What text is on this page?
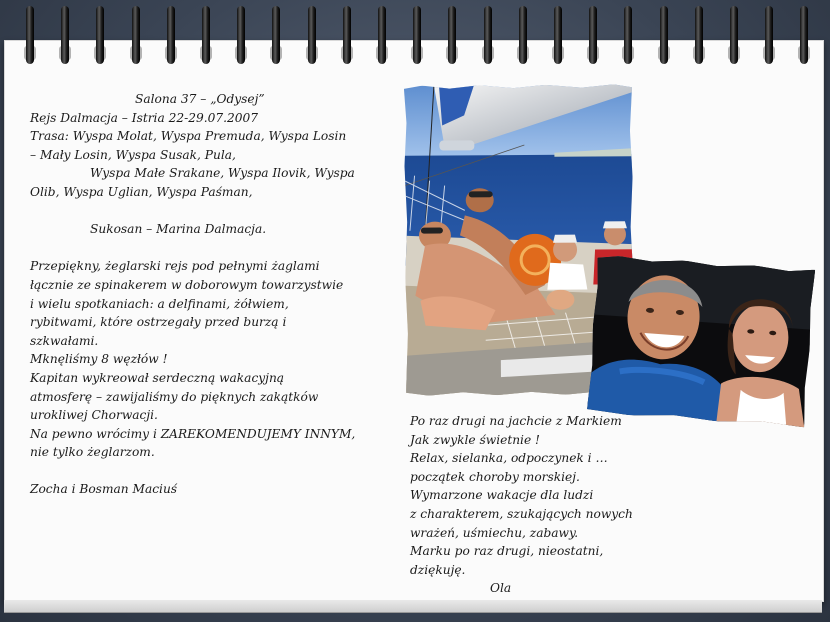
Salona 37 – „Odysej”
Rejs Dalmacja – Istria 22-29.07.2007
Trasa: Wyspa Molat, Wyspa Premuda, Wyspa Losin
– Mały Losin, Wyspa Susak, Pula,
Wyspa Małe Srakane, Wyspa Ilovik, Wyspa
Olib, Wyspa Uglian, Wyspa Paśman,
Sukosan – Marina Dalmacja.
Przepiękny, żeglarski rejs pod pełnymi żaglami
łącznie ze spinakerem w doborowym towarzystwie
i wielu spotkaniach: a delfinami, żółwiem,
rybitwami, które ostrzegały przed burzą i
szkwałami.
Mknęliśmy 8 węzłów !
Kapitan wykreował serdeczną wakacyjną
atmosferę – zawijaliśmy do pięknych zakątków
urokliwej Chorwacji.
Na pewno wrócimy i ZAREKOMENDUJEMY INNYM,
nie tylko żeglarzom.
Zocha i Bosman Maciuś
Po raz drugi na jachcie z Markiem
Jak zwykle świetnie !
Relax, sielanka, odpoczynek i …
początek choroby morskiej.
Wymarzone wakacje dla ludzi
z charakterem, szukających nowych
wrażeń, uśmiechu, zabawy.
Marku po raz drugi, nieostatni,
dziękuję.
Ola
